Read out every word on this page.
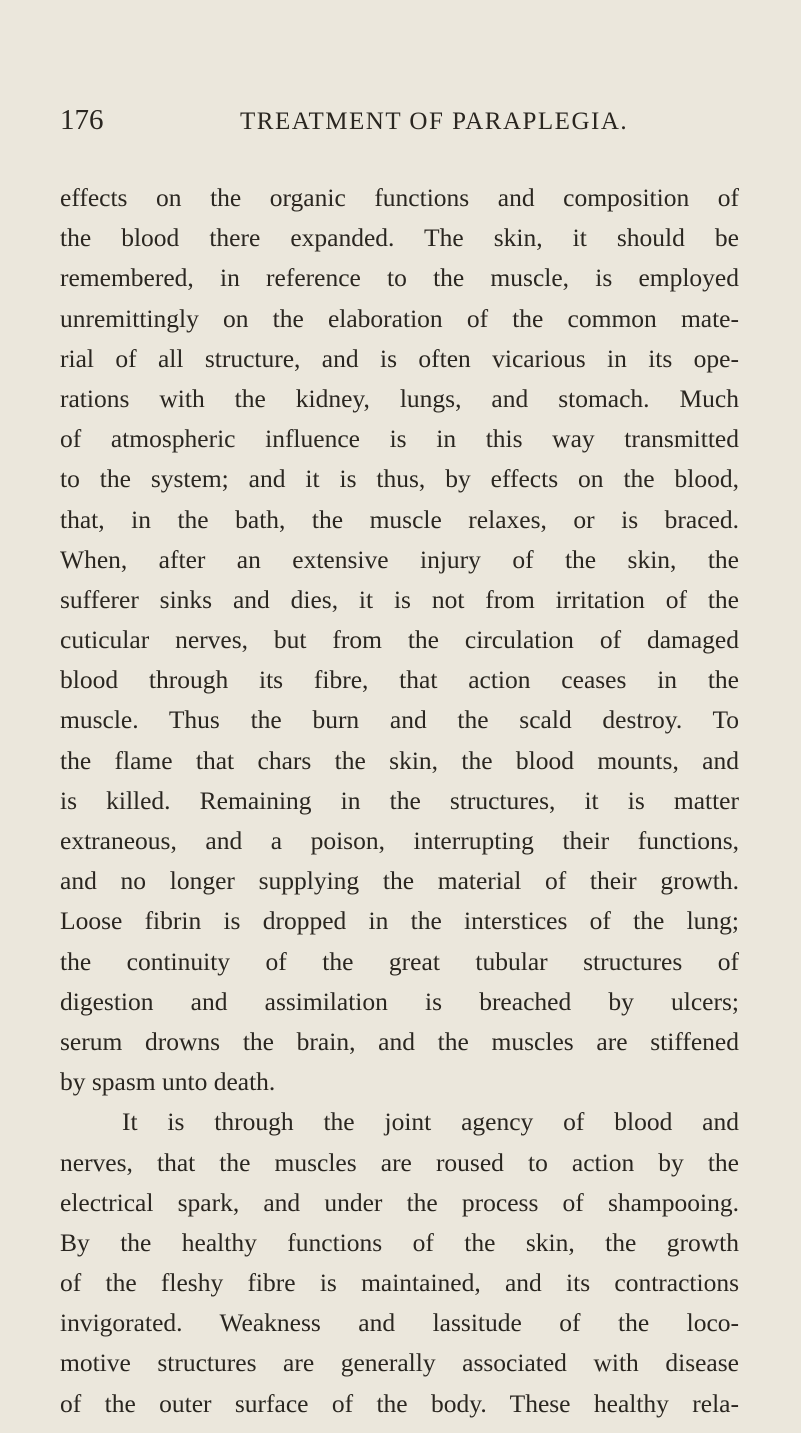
176	TREATMENT OF PARAPLEGIA.
effects on the organic functions and composition of
the blood there expanded. The skin, it should be
remembered, in reference to the muscle, is employed
unremittingly on the elaboration of the common mate-
rial of all structure, and is often vicarious in its ope-
rations with the kidney, lungs, and stomach. Much
of atmospheric influence is in this way transmitted
to the system; and it is thus, by effects on the blood,
that, in the bath, the muscle relaxes, or is braced.
When, after an extensive injury of the skin, the
sufferer sinks and dies, it is not from irritation of the
cuticular nerves, but from the circulation of damaged
blood through its fibre, that action ceases in the
muscle. Thus the burn and the scald destroy. To
the flame that chars the skin, the blood mounts, and
is killed. Remaining in the structures, it is matter
extraneous, and a poison, interrupting their functions,
and no longer supplying the material of their growth.
Loose fibrin is dropped in the interstices of the lung;
the continuity of the great tubular structures of
digestion and assimilation is breached by ulcers;
serum drowns the brain, and the muscles are stiffened
by spasm unto death.
It is through the joint agency of blood and
nerves, that the muscles are roused to action by the
electrical spark, and under the process of shampooing.
By the healthy functions of the skin, the growth
of the fleshy fibre is maintained, and its contractions
invigorated. Weakness and lassitude of the loco-
motive structures are generally associated with disease
of the outer surface of the body. These healthy rela-
